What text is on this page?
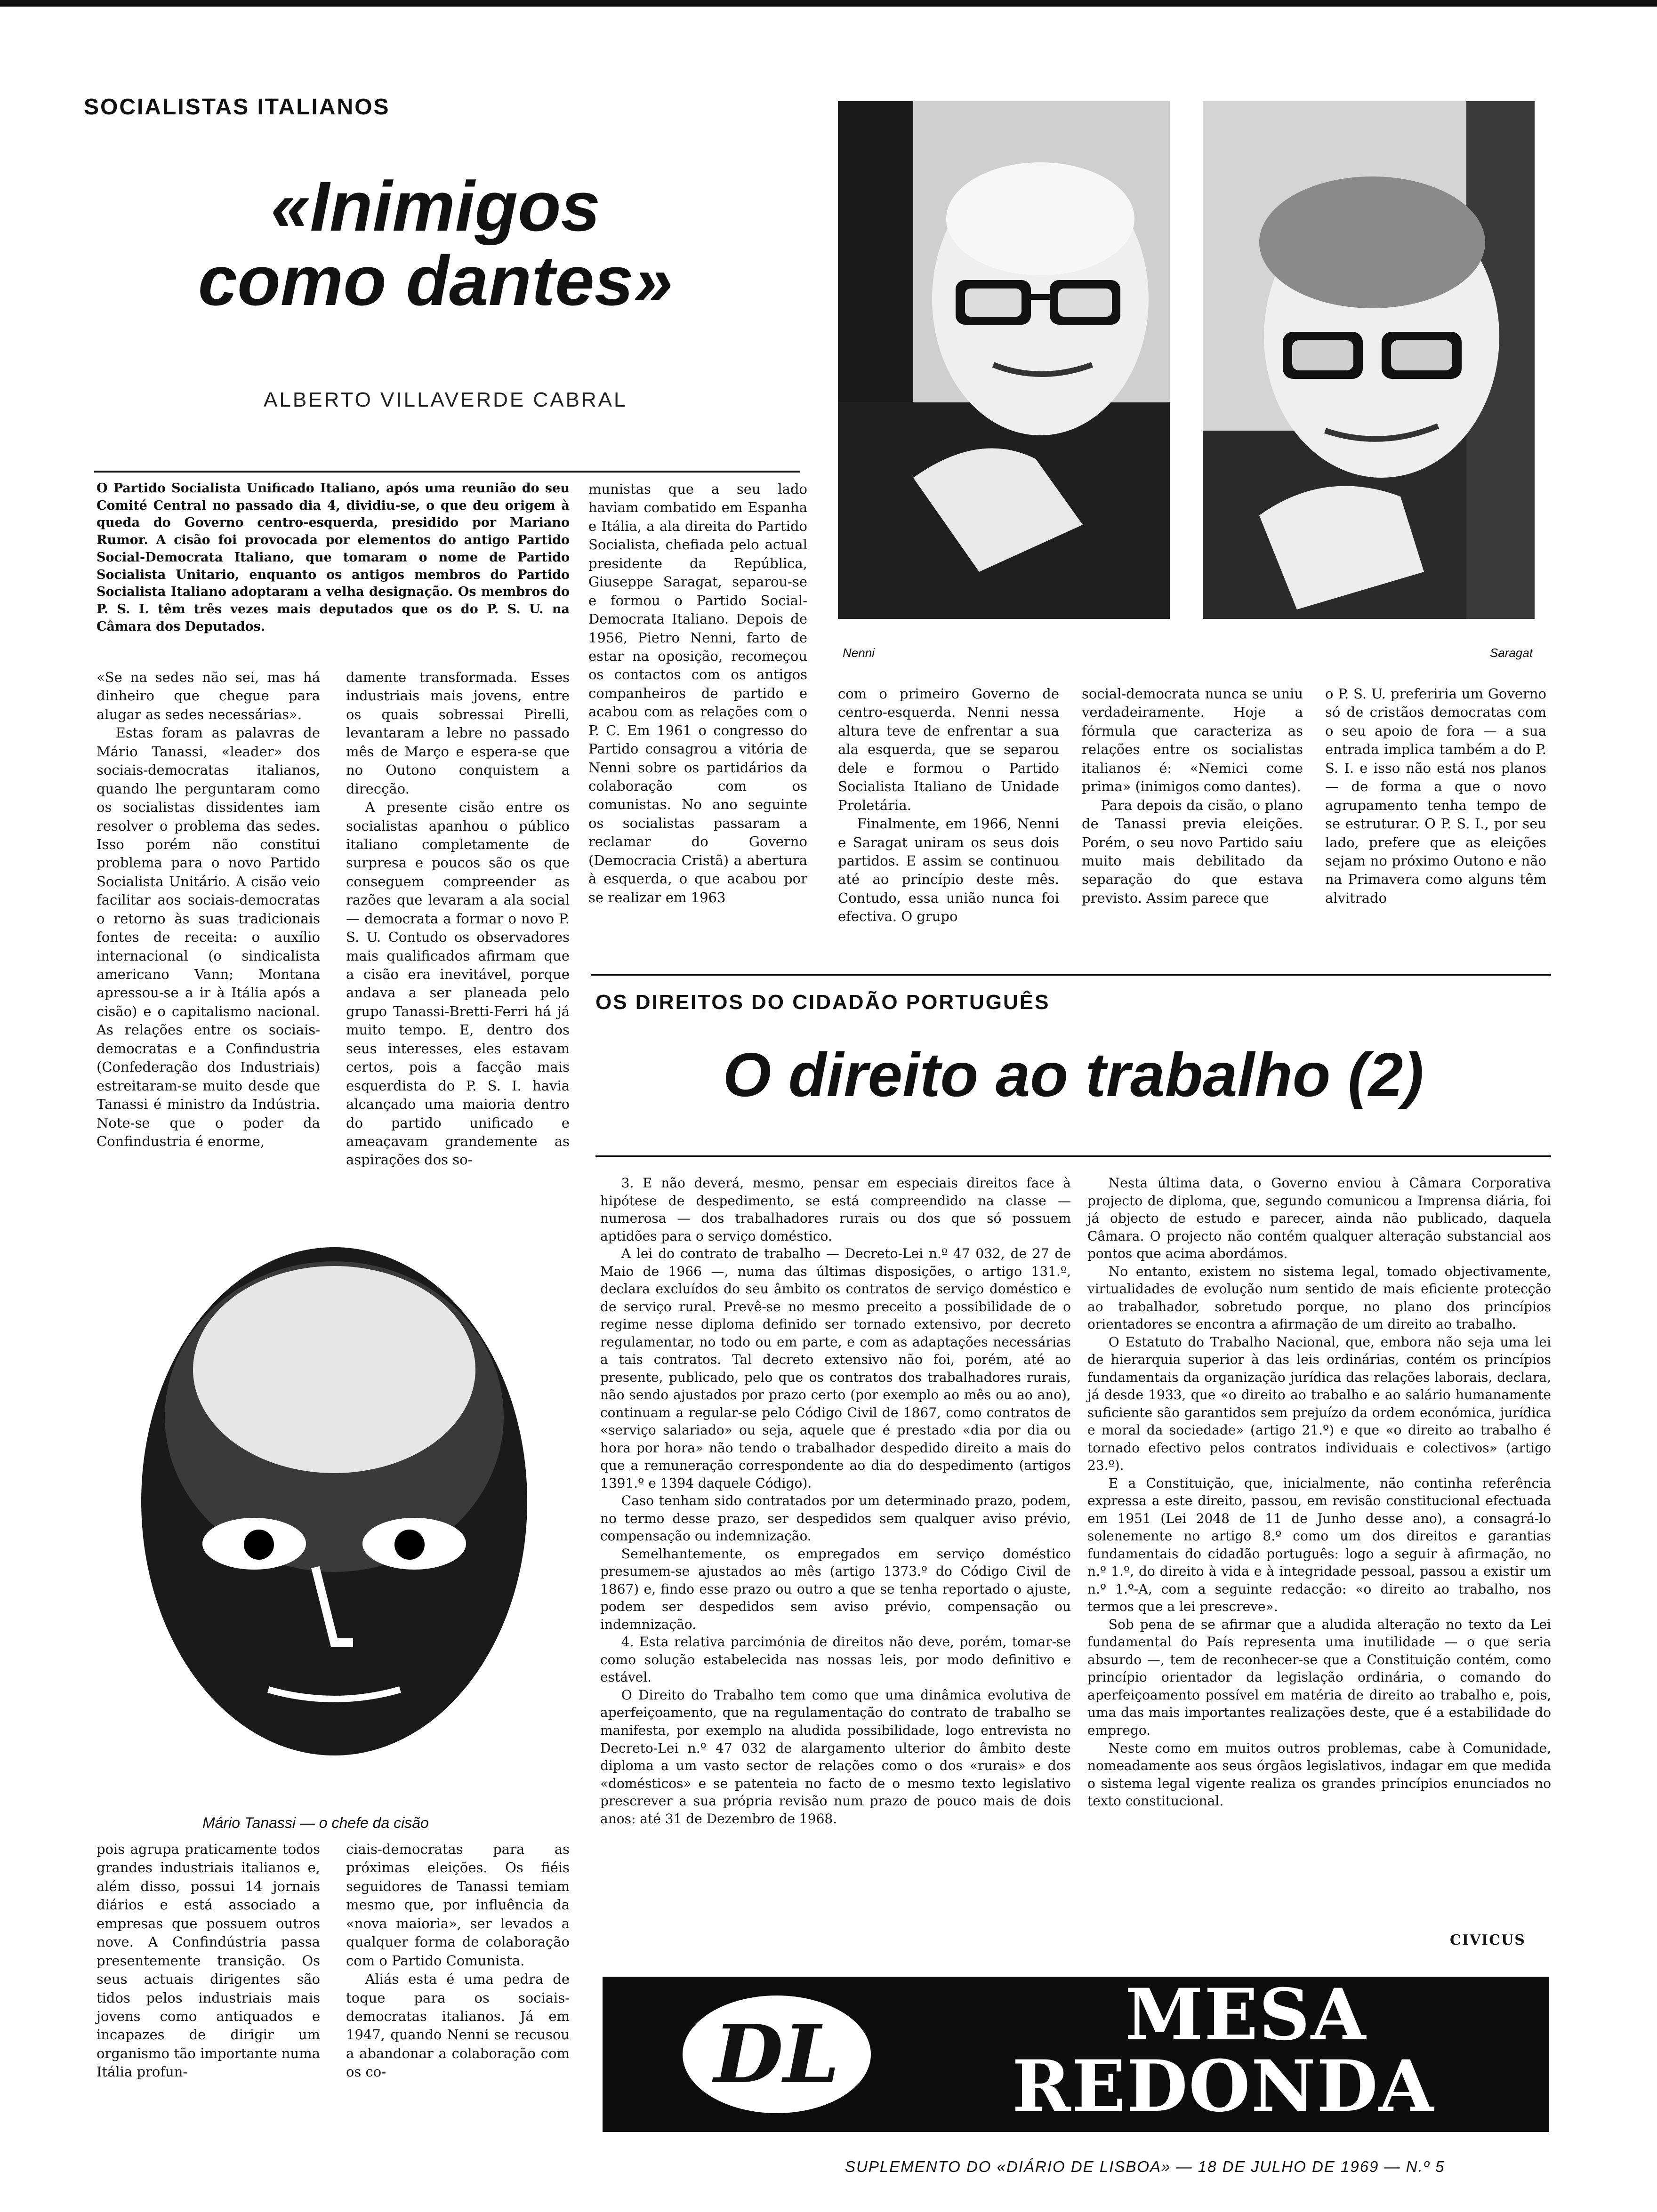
SOCIALISTAS ITALIANOS
«Inimigos
como dantes»
ALBERTO VILLAVERDE CABRAL
O Partido Socialista Unificado Italiano, após uma reunião do seu Comité Central no passado dia 4, dividiu-se, o que deu origem à queda do Governo centro-esquerda, presidido por Mariano Rumor. A cisão foi provocada por elementos do antigo Partido Social-Democrata Italiano, que tomaram o nome de Partido Socialista Unitario, enquanto os antigos membros do Partido Socialista Italiano adoptaram a velha designação. Os membros do P. S. I. têm três vezes mais deputados que os do P. S. U. na Câmara dos Deputados.

«Se na sedes não sei, mas há dinheiro que chegue para alugar as sedes necessárias».

Estas foram as palavras de Mário Tanassi, «leader» dos sociais-democratas italianos, quando lhe perguntaram como os socialistas dissidentes iam resolver o problema das sedes. Isso porém não constitui problema para o novo Partido Socialista Unitário. A cisão veio facilitar aos sociais-democratas o retorno às suas tradicionais fontes de receita: o auxílio internacional (o sindicalista americano Vann; Montana apressou-se a ir à Itália após a cisão) e o capitalismo nacional. As relações entre os sociais-democratas e a Confindustria (Confederação dos Industriais) estreitaram-se muito desde que Tanassi é ministro da Indústria. Note-se que o poder da Confindustria é enorme,

damente transformada. Esses industriais mais jovens, entre os quais sobressai Pirelli, levantaram a lebre no passado mês de Março e espera-se que no Outono conquistem a direcção.

A presente cisão entre os socialistas apanhou o público italiano completamente de surpresa e poucos são os que conseguem compreender as razões que levaram a ala social — democrata a formar o novo P. S. U. Contudo os observadores mais qualificados afirmam que a cisão era inevitável, porque andava a ser planeada pelo grupo Tanassi-Bretti-Ferri há já muito tempo. E, dentro dos seus interesses, eles estavam certos, pois a facção mais esquerdista do P. S. I. havia alcançado uma maioria dentro do partido unificado e ameaçavam grandemente as aspirações dos so-

munistas que a seu lado haviam combatido em Espanha e Itália, a ala direita do Partido Socialista, chefiada pelo actual presidente da República, Giuseppe Saragat, separou-se e formou o Partido Social-Democrata Italiano. Depois de 1956, Pietro Nenni, farto de estar na oposição, recomeçou os contactos com os antigos companheiros de partido e acabou com as relações com o P. C. Em 1961 o congresso do Partido consagrou a vitória de Nenni sobre os partidários da colaboração com os comunistas. No ano seguinte os socialistas passaram a reclamar do Governo (Democracia Cristã) a abertura à esquerda, o que acabou por se realizar em 1963

Nenni	Saragat

com o primeiro Governo de centro-esquerda. Nenni nessa altura teve de enfrentar a sua ala esquerda, que se separou dele e formou o Partido Socialista Italiano de Unidade Proletária.

Finalmente, em 1966, Nenni e Saragat uniram os seus dois partidos. E assim se continuou até ao princípio deste mês. Contudo, essa união nunca foi efectiva. O grupo

social-democrata nunca se uniu verdadeiramente. Hoje a fórmula que caracteriza as relações entre os socialistas italianos é: «Nemici come prima» (inimigos como dantes).

Para depois da cisão, o plano de Tanassi previa eleições. Porém, o seu novo Partido saiu muito mais debilitado da separação do que estava previsto. Assim parece que

o P. S. U. preferiria um Governo só de cristãos democratas com o seu apoio de fora — a sua entrada implica também a do P. S. I. e isso não está nos planos — de forma a que o novo agrupamento tenha tempo de se estruturar. O P. S. I., por seu lado, prefere que as eleições sejam no próximo Outono e não na Primavera como alguns têm alvitrado

Mário Tanassi — o chefe da cisão

pois agrupa praticamente todos grandes industriais italianos e, além disso, possui 14 jornais diários e está associado a empresas que possuem outros nove. A Confindústria passa presentemente transição. Os seus actuais dirigentes são tidos pelos industriais mais jovens como antiquados e incapazes de dirigir um organismo tão importante numa Itália profun-

ciais-democratas para as próximas eleições. Os fiéis seguidores de Tanassi temiam mesmo que, por influência da «nova maioria», ser levados a qualquer forma de colaboração com o Partido Comunista.

Aliás esta é uma pedra de toque para os sociais-democratas italianos. Já em 1947, quando Nenni se recusou a abandonar a colaboração com os co-

OS DIREITOS DO CIDADÃO PORTUGUÊS
O direito ao trabalho (2)

3. E não deverá, mesmo, pensar em especiais direitos face à hipótese de despedimento, se está compreendido na classe — numerosa — dos trabalhadores rurais ou dos que só possuem aptidões para o serviço doméstico.

A lei do contrato de trabalho — Decreto-Lei n.º 47 032, de 27 de Maio de 1966 —, numa das últimas disposições, o artigo 131.º, declara excluídos do seu âmbito os contratos de serviço doméstico e de serviço rural. Prevê-se no mesmo preceito a possibilidade de o regime nesse diploma definido ser tornado extensivo, por decreto regulamentar, no todo ou em parte, e com as adaptações necessárias a tais contratos. Tal decreto extensivo não foi, porém, até ao presente, publicado, pelo que os contratos dos trabalhadores rurais, não sendo ajustados por prazo certo (por exemplo ao mês ou ao ano), continuam a regular-se pelo Código Civil de 1867, como contratos de «serviço salariado» ou seja, aquele que é prestado «dia por dia ou hora por hora» não tendo o trabalhador despedido direito a mais do que a remuneração correspondente ao dia do despedimento (artigos 1391.º e 1394 daquele Código).

Caso tenham sido contratados por um determinado prazo, podem, no termo desse prazo, ser despedidos sem qualquer aviso prévio, compensação ou indemnização.

Semelhantemente, os empregados em serviço doméstico presumem-se ajustados ao mês (artigo 1373.º do Código Civil de 1867) e, findo esse prazo ou outro a que se tenha reportado o ajuste, podem ser despedidos sem aviso prévio, compensação ou indemnização.

4. Esta relativa parcimónia de direitos não deve, porém, tomar-se como solução estabelecida nas nossas leis, por modo definitivo e estável.

O Direito do Trabalho tem como que uma dinâmica evolutiva de aperfeiçoamento, que na regulamentação do contrato de trabalho se manifesta, por exemplo na aludida possibilidade, logo entrevista no Decreto-Lei n.º 47 032 de alargamento ulterior do âmbito deste diploma a um vasto sector de relações como o dos «rurais» e dos «domésticos» e se patenteia no facto de o mesmo texto legislativo prescrever a sua própria revisão num prazo de pouco mais de dois anos: até 31 de Dezembro de 1968.

Nesta última data, o Governo enviou à Câmara Corporativa projecto de diploma, que, segundo comunicou a Imprensa diária, foi já objecto de estudo e parecer, ainda não publicado, daquela Câmara. O projecto não contém qualquer alteração substancial aos pontos que acima abordámos.

No entanto, existem no sistema legal, tomado objectivamente, virtualidades de evolução num sentido de mais eficiente protecção ao trabalhador, sobretudo porque, no plano dos princípios orientadores se encontra a afirmação de um direito ao trabalho.

O Estatuto do Trabalho Nacional, que, embora não seja uma lei de hierarquia superior à das leis ordinárias, contém os princípios fundamentais da organização jurídica das relações laborais, declara, já desde 1933, que «o direito ao trabalho e ao salário humanamente suficiente são garantidos sem prejuízo da ordem económica, jurídica e moral da sociedade» (artigo 21.º) e que «o direito ao trabalho é tornado efectivo pelos contratos individuais e colectivos» (artigo 23.º).

E a Constituição, que, inicialmente, não continha referência expressa a este direito, passou, em revisão constitucional efectuada em 1951 (Lei 2048 de 11 de Junho desse ano), a consagrá-lo solenemente no artigo 8.º como um dos direitos e garantias fundamentais do cidadão português: logo a seguir à afirmação, no n.º 1.º, do direito à vida e à integridade pessoal, passou a existir um n.º 1.º-A, com a seguinte redacção: «o direito ao trabalho, nos termos que a lei prescreve».

Sob pena de se afirmar que a aludida alteração no texto da Lei fundamental do País representa uma inutilidade — o que seria absurdo —, tem de reconhecer-se que a Constituição contém, como princípio orientador da legislação ordinária, o comando do aperfeiçoamento possível em matéria de direito ao trabalho e, pois, uma das mais importantes realizações deste, que é a estabilidade do emprego.

Neste como em muitos outros problemas, cabe à Comunidade, nomeadamente aos seus órgãos legislativos, indagar em que medida o sistema legal vigente realiza os grandes princípios enunciados no texto constitucional.

CIVICUS
DL	MESA
REDONDA
SUPLEMENTO DO «DIÁRIO DE LISBOA» — 18 DE JULHO DE 1969 — N.º 5
